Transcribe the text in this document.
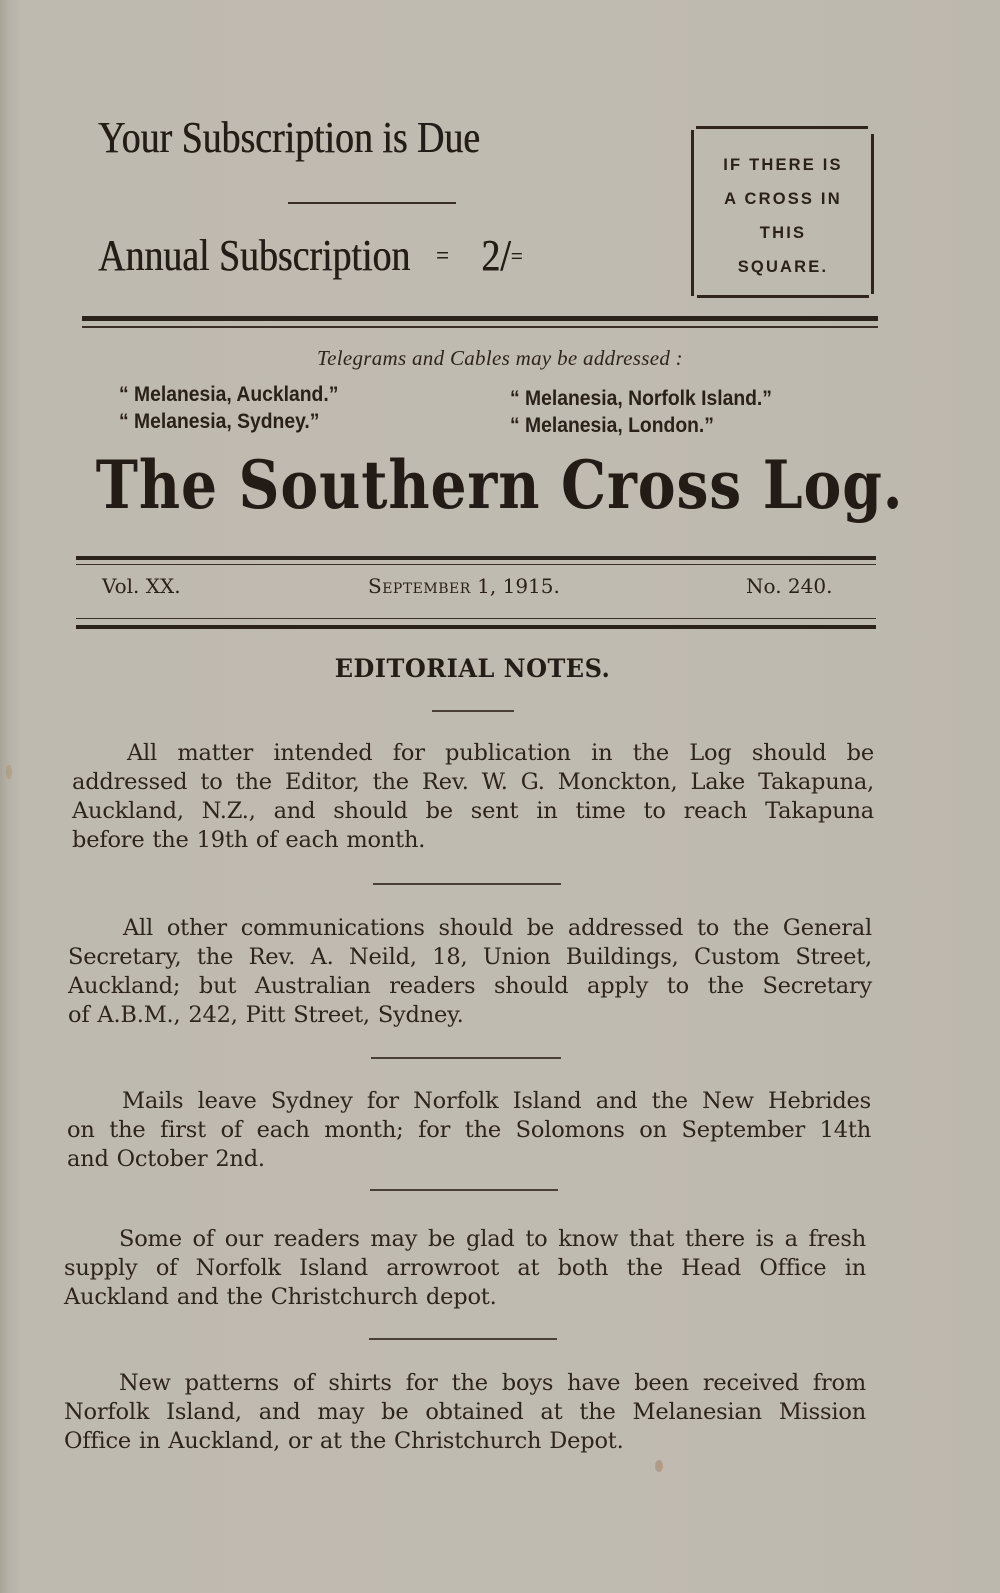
Your Subscription is Due
Annual Subscription = 2/=
IF THERE IS
A CROSS IN
THIS
SQUARE.
Telegrams and Cables may be addressed :
“ Melanesia, Auckland.”	“ Melanesia, Norfolk Island.”
“ Melanesia, Sydney.”	“ Melanesia, London.”
The Southern Cross Log.
Vol. XX.	September 1, 1915.	No. 240.
EDITORIAL NOTES.
All matter intended for publication in the Log should be
addressed to the Editor, the Rev. W. G. Monckton, Lake Takapuna,
Auckland, N.Z., and should be sent in time to reach Takapuna
before the 19th of each month.
All other communications should be addressed to the General
Secretary, the Rev. A. Neild, 18, Union Buildings, Custom Street,
Auckland; but Australian readers should apply to the Secretary
of A.B.M., 242, Pitt Street, Sydney.
Mails leave Sydney for Norfolk Island and the New Hebrides
on the first of each month; for the Solomons on September 14th
and October 2nd.
Some of our readers may be glad to know that there is a fresh
supply of Norfolk Island arrowroot at both the Head Office in
Auckland and the Christchurch depot.
New patterns of shirts for the boys have been received from
Norfolk Island, and may be obtained at the Melanesian Mission
Office in Auckland, or at the Christchurch Depot.
